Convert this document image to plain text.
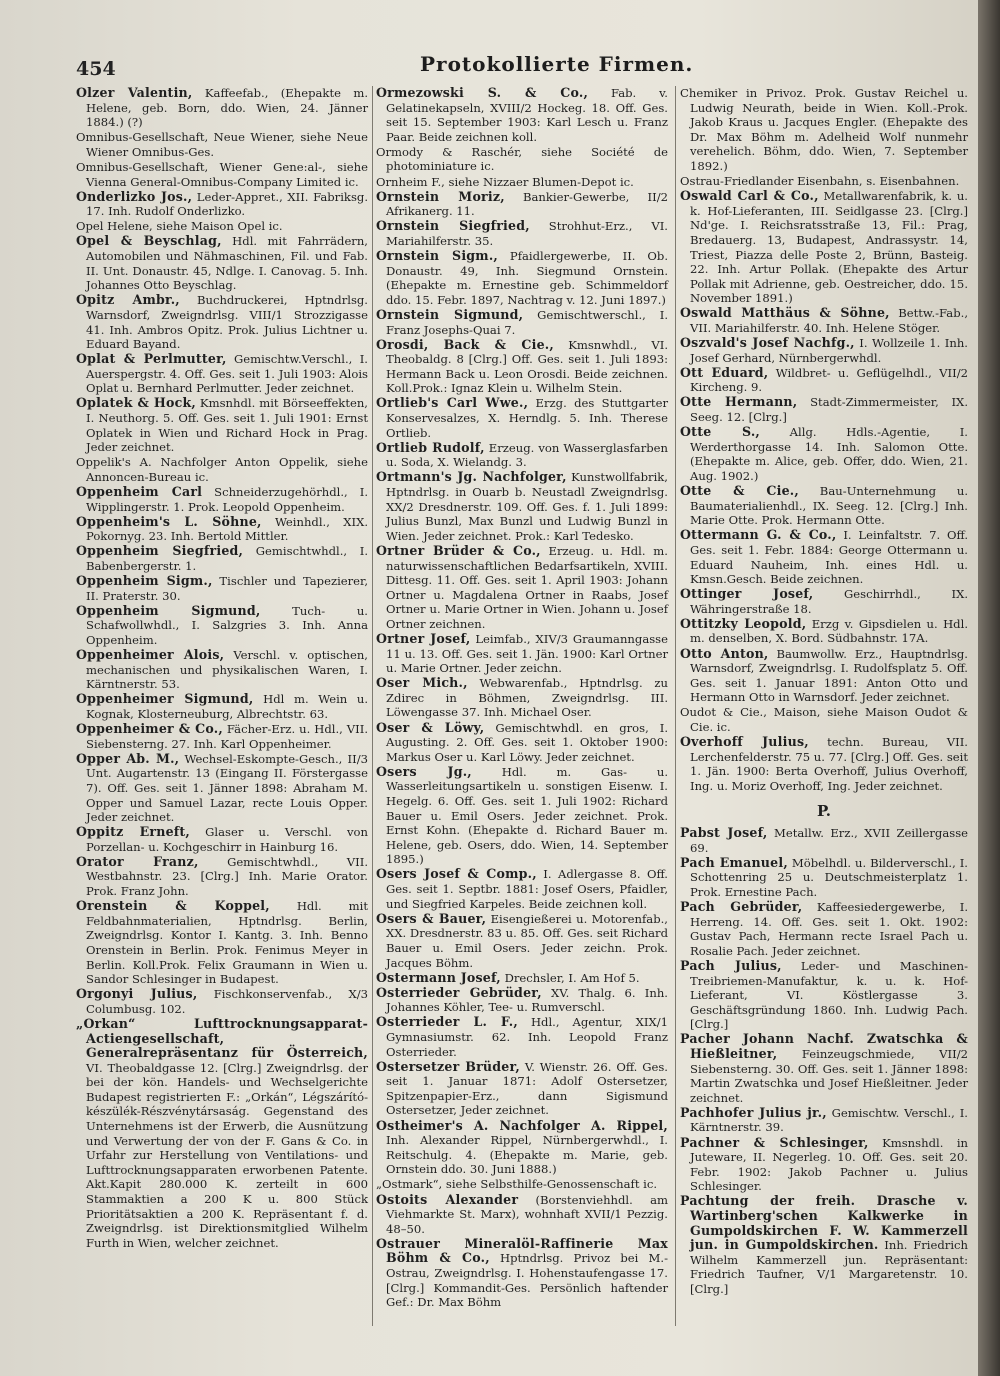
454	Protokollierte Firmen.
Olzer Valentin, Kaffeefab., (Ehepakte m. Helene, geb. Born, ddo. Wien, 24. Jänner 1884.) (?)
Omnibus-Gesellschaft, Neue Wiener, siehe Neue Wiener Omnibus-Ges.
Omnibus-Gesellschaft, Wiener Gene:al-, siehe Vienna General-Omnibus-Company Limited ic.
Onderlizko Jos., Leder-Appret., XII. Fabriksg. 17. Inh. Rudolf Onderlizko.
Opel Helene, siehe Maison Opel ic.
Opel & Beyschlag, Hdl. mit Fahrrädern, Automobilen und Nähmaschinen, Fil. und Fab. II. Unt. Donaustr. 45, Ndlge. I. Canovag. 5. Inh. Johannes Otto Beyschlag.
Opitz Ambr., Buchdruckerei, Hptndrlsg. Warnsdorf, Zweigndrlsg. VIII/1 Strozzigasse 41. Inh. Ambros Opitz. Prok. Julius Lichtner u. Eduard Bayand.
Oplat & Perlmutter, Gemischtw.Verschl., I. Auerspergstr. 4. Off. Ges. seit 1. Juli 1903: Alois Oplat u. Bernhard Perlmutter. Jeder zeichnet.
Oplatek & Hock, Kmsnhdl. mit Börseeffekten, I. Neuthorg. 5. Off. Ges. seit 1. Juli 1901: Ernst Oplatek in Wien und Richard Hock in Prag. Jeder zeichnet.
Oppelik's A. Nachfolger Anton Oppelik, siehe Annoncen-Bureau ic.
Oppenheim Carl Schneiderzugehörhdl., I. Wipplingerstr. 1. Prok. Leopold Oppenheim.
Oppenheim's L. Söhne, Weinhdl., XIX. Pokornyg. 23. Inh. Bertold Mittler.
Oppenheim Siegfried, Gemischtwhdl., I. Babenbergerstr. 1.
Oppenheim Sigm., Tischler und Tapezierer, II. Praterstr. 30.
Oppenheim Sigmund,	Tuch- u. Schafwollwhdl., I. Salzgries 3. Inh. Anna Oppenheim.
Oppenheimer Alois, Verschl. v. optischen, mechanischen und physikalischen Waren, I. Kärntnerstr. 53.
Oppenheimer Sigmund, Hdl m. Wein u. Kognak, Klosterneuburg, Albrechtstr. 63.
Oppenheimer & Co., Fächer-Erz. u. Hdl., VII. Siebensterng. 27. Inh. Karl Oppenheimer.
Opper Ab. M., Wechsel-Eskompte-Gesch., II/3 Unt. Augartenstr. 13 (Eingang II. Förstergasse 7). Off. Ges. seit 1. Jänner 1898: Abraham M. Opper und Samuel Lazar, recte Louis Opper. Jeder zeichnet.
Oppitz Erneft, Glaser u. Verschl. von Porzellan- u. Kochgeschirr in Hainburg 16.
Orator Franz, Gemischtwhdl., VII. Westbahnstr. 23. [Clrg.] Inh. Marie Orator. Prok. Franz John.
Orenstein & Koppel, Hdl. mit Feldbahnmaterialien, Hptndrlsg. Berlin, Zweigndrlsg. Kontor I. Kantg. 3. Inh. Benno Orenstein in Berlin. Prok. Fenimus Meyer in Berlin. Koll.Prok. Felix Graumann in Wien u. Sandor Schlesinger in Budapest.
Orgonyi Julius, Fischkonservenfab., X/3 Columbusg. 102.
„Orkan“ Lufttrocknungsapparat-Actiengesellschaft, Generalrepräsentanz für Österreich, VI. Theobaldgasse 12. [Clrg.] Zweigndrlsg. der bei der kön. Handels- und Wechselgerichte Budapest registrierten F.: „Orkán“, Légszárító-készülék-Részvénytársaság. Gegenstand des Unternehmens ist der Erwerb, die Ausnützung und Verwertung der von der F. Gans & Co. in Urfahr zur Herstellung von Ventilations- und Lufttrocknungsapparaten erworbenen Patente. Akt.Kapit 280.000 K. zerteilt in 600 Stammaktien a 200 K u. 800 Stück Prioritätsaktien a 200 K. Repräsentant f. d. Zweigndrlsg. ist Direktionsmitglied Wilhelm Furth in Wien, welcher zeichnet.
Ormezowski S. & Co., Fab. v. Gelatinekapseln, XVIII/2 Hockeg. 18. Off. Ges. seit 15. September 1903: Karl Lesch u. Franz Paar. Beide zeichnen koll.
Ormody & Raschér, siehe Société de photominiature ic.
Ornheim F., siehe Nizzaer Blumen-Depot ic.
Ornstein Moriz, Bankier-Gewerbe, II/2 Afrikanerg. 11.
Ornstein Siegfried, Strohhut-Erz., VI. Mariahilferstr. 35.
Ornstein Sigm., Pfaidlergewerbe, II. Ob. Donaustr. 49, Inh. Siegmund Ornstein. (Ehepakte m. Ernestine geb. Schimmeldorf ddo. 15. Febr. 1897, Nachtrag v. 12. Juni 1897.)
Ornstein Sigmund, Gemischtwerschl., I. Franz Josephs-Quai 7.
Orosdi, Back & Cie., Kmsnwhdl., VI. Theobaldg. 8 [Clrg.] Off. Ges. seit 1. Juli 1893: Hermann Back u. Leon Orosdi. Beide zeichnen. Koll.Prok.: Ignaz Klein u. Wilhelm Stein.
Ortlieb's Carl Wwe., Erzg. des Stuttgarter Konservesalzes, X. Herndlg. 5. Inh. Therese Ortlieb.
Ortlieb Rudolf, Erzeug. von Wasserglasfarben u. Soda, X. Wielandg. 3.
Ortmann's Jg. Nachfolger, Kunstwollfabrik, Hptndrlsg. in Ouarb b. Neustadl Zweigndrlsg. XX/2 Dresdnerstr. 109. Off. Ges. f. 1. Juli 1899: Julius Bunzl, Max Bunzl und Ludwig Bunzl in Wien. Jeder zeichnet. Prok.: Karl Tedesko.
Ortner Brüder & Co., Erzeug. u. Hdl. m. naturwissenschaftlichen Bedarfsartikeln, XVIII. Dittesg. 11. Off. Ges. seit 1. April 1903: Johann Ortner u. Magdalena Ortner in Raabs, Josef Ortner u. Marie Ortner in Wien. Johann u. Josef Ortner zeichnen.
Ortner Josef, Leimfab., XIV/3 Graumanngasse 11 u. 13. Off. Ges. seit 1. Jän. 1900: Karl Ortner u. Marie Ortner. Jeder zeichn.
Oser Mich., Webwarenfab., Hptndrlsg. zu Zdirec in Böhmen, Zweigndrlsg. III. Löwengasse 37. Inh. Michael Oser.
Oser & Löwy, Gemischtwhdl. en gros, I. Augusting. 2. Off. Ges. seit 1. Oktober 1900: Markus Oser u. Karl Löwy. Jeder zeichnet.
Osers Jg.,	Hdl. m. Gas- u. Wasserleitungsartikeln u. sonstigen Eisenw. I. Hegelg. 6. Off. Ges. seit 1. Juli 1902: Richard Bauer u. Emil Osers. Jeder zeichnet. Prok. Ernst Kohn. (Ehepakte d. Richard Bauer m. Helene, geb. Osers, ddo. Wien, 14. September 1895.)
Osers Josef & Comp., I. Adlergasse 8. Off. Ges. seit 1. Septbr. 1881: Josef Osers, Pfaidler, und Siegfried Karpeles. Beide zeichnen koll.
Osers & Bauer, Eisengießerei u. Motorenfab., XX. Dresdnerstr. 83 u. 85. Off. Ges. seit Richard Bauer u. Emil Osers. Jeder zeichn. Prok. Jacques Böhm.
Ostermann Josef, Drechsler, I. Am Hof 5.
Osterrieder Gebrüder, XV. Thalg. 6. Inh. Johannes Köhler, Tee- u. Rumverschl.
Osterrieder L. F., Hdl., Agentur, XIX/1 Gymnasiumstr. 62. Inh. Leopold Franz Osterrieder.
Ostersetzer Brüder, V. Wienstr. 26. Off. Ges. seit 1. Januar 1871: Adolf Ostersetzer, Spitzenpapier-Erz., dann Sigismund Ostersetzer, Jeder zeichnet.
Ostheimer's A. Nachfolger A. Rippel, Inh. Alexander Rippel, Nürnbergerwhdl., I. Reitschulg. 4. (Ehepakte m. Marie, geb. Ornstein ddo. 30. Juni 1888.)
„Ostmark“, siehe Selbsthilfe-Genossenschaft ic.
Ostoits Alexander (Borstenviehhdl. am Viehmarkte St. Marx), wohnhaft XVII/1 Pezzig. 48–50.
Ostrauer Mineralöl-Raffinerie Max Böhm & Co., Hptndrlsg. Privoz bei M.-Ostrau, Zweigndrlsg. I. Hohenstaufengasse 17. [Clrg.] Kommandit-Ges. Persönlich haftender Gef.: Dr. Max Böhm
Chemiker in Privoz. Prok. Gustav Reichel u. Ludwig Neurath, beide in Wien. Koll.-Prok. Jakob Kraus u. Jacques Engler. (Ehepakte des Dr. Max Böhm m. Adelheid Wolf nunmehr verehelich. Böhm, ddo. Wien, 7. September 1892.)
Ostrau-Friedlander Eisenbahn, s. Eisenbahnen.
Oswald Carl & Co., Metallwarenfabrik, k. u. k. Hof-Lieferanten, III. Seidlgasse 23. [Clrg.] Nd'ge. I. Reichsratsstraße 13, Fil.: Prag, Bredauerg. 13, Budapest, Andrassystr. 14, Triest, Piazza delle Poste 2, Brünn, Basteig. 22. Inh. Artur Pollak. (Ehepakte des Artur Pollak mit Adrienne, geb. Oestreicher, ddo. 15. November 1891.)
Oswald Matthäus & Söhne, Bettw.-Fab., VII. Mariahilferstr. 40. Inh. Helene Stöger.
Oszvald's Josef Nachfg., I. Wollzeile 1. Inh. Josef Gerhard, Nürnbergerwhdl.
Ott Eduard, Wildbret- u. Geflügelhdl., VII/2 Kircheng. 9.
Otte Hermann, Stadt-Zimmermeister, IX. Seeg. 12. [Clrg.]
Otte S.,	Allg. Hdls.-Agentie, I. Werderthorgasse 14. Inh. Salomon Otte. (Ehepakte m. Alice, geb. Offer, ddo. Wien, 21. Aug. 1902.)
Otte & Cie., Bau-Unternehmung u. Baumaterialienhdl., IX. Seeg. 12. [Clrg.] Inh. Marie Otte. Prok. Hermann Otte.
Ottermann G. & Co., I. Leinfaltstr. 7. Off. Ges. seit 1. Febr. 1884: George Ottermann u. Eduard Nauheim, Inh. eines Hdl. u. Kmsn.Gesch. Beide zeichnen.
Ottinger Josef,	Geschirrhdl., IX. Währingerstraße 18.
Ottitzky Leopold, Erzg v. Gipsdielen u. Hdl. m. denselben, X. Bord. Südbahnstr. 17A.
Otto Anton, Baumwollw. Erz., Hauptndrlsg. Warnsdorf, Zweigndrlsg. I. Rudolfsplatz 5. Off. Ges. seit 1. Januar 1891: Anton Otto und Hermann Otto in Warnsdorf. Jeder zeichnet.
Oudot & Cie., Maison, siehe Maison Oudot & Cie. ic.
Overhoff Julius, techn. Bureau, VII. Lerchenfelderstr. 75 u. 77. [Clrg.] Off. Ges. seit 1. Jän. 1900: Berta Overhoff, Julius Overhoff, Ing. u. Moriz Overhoff, Ing. Jeder zeichnet.
P.
Pabst Josef, Metallw. Erz., XVII Zeillergasse 69.
Pach Emanuel, Möbelhdl. u. Bilderverschl., I. Schottenring 25 u. Deutschmeisterplatz 1. Prok. Ernestine Pach.
Pach Gebrüder, Kaffeesiedergewerbe, I. Herreng. 14. Off. Ges. seit 1. Okt. 1902: Gustav Pach, Hermann recte Israel Pach u. Rosalie Pach. Jeder zeichnet.
Pach Julius, Leder- und Maschinen-Treibriemen-Manufaktur, k. u. k. Hof-Lieferant, VI. Köstlergasse 3. Geschäftsgründung 1860. Inh. Ludwig Pach. [Clrg.]
Pacher Johann Nachf. Zwatschka & Hießleitner, Feinzeugschmiede, VII/2 Siebensterng. 30. Off. Ges. seit 1. Jänner 1898: Martin Zwatschka und Josef Hießleitner. Jeder zeichnet.
Pachhofer Julius jr., Gemischtw. Verschl., I. Kärntnerstr. 39.
Pachner & Schlesinger, Kmsnshdl. in Juteware, II. Negerleg. 10. Off. Ges. seit 20. Febr. 1902: Jakob Pachner u. Julius Schlesinger.
Pachtung der freih. Drasche v. Wartinberg'schen Kalkwerke in Gumpoldskirchen F. W. Kammerzell jun. in Gumpoldskirchen. Inh. Friedrich Wilhelm Kammerzell jun. Repräsentant: Friedrich Taufner, V/1 Margaretenstr. 10. [Clrg.]
